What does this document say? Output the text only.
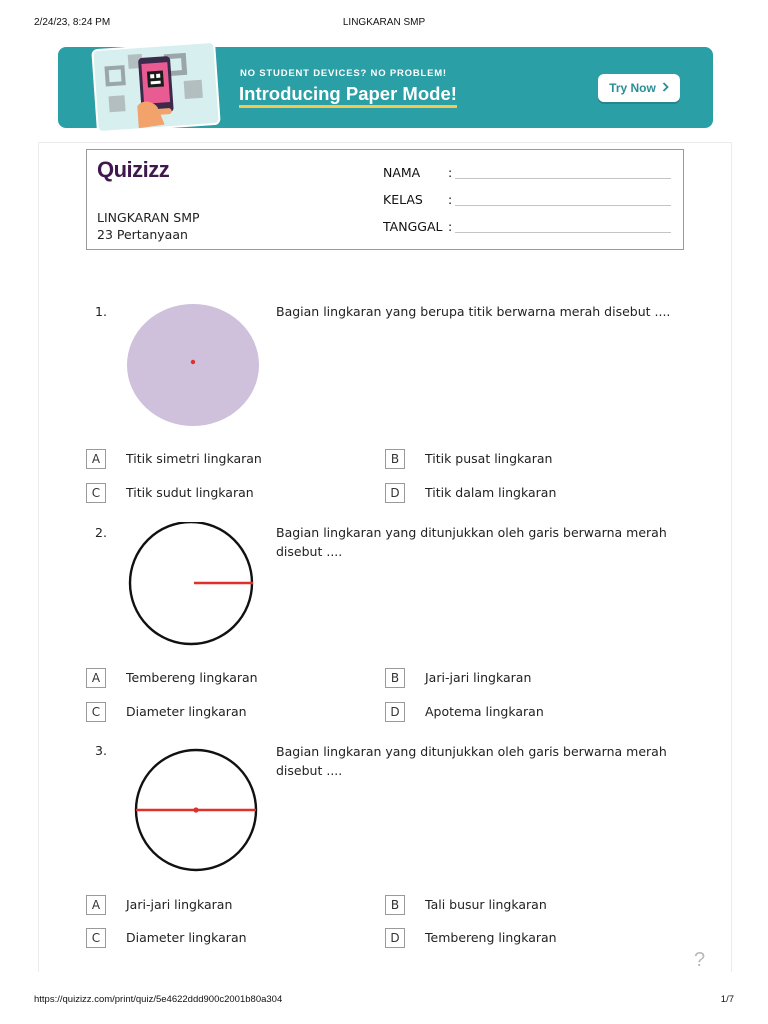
2/24/23, 8:24 PM	LINGKARAN SMP
NO STUDENT DEVICES? NO PROBLEM!
Introducing Paper Mode!	Try Now
Quizizz
LINGKARAN SMP
23 Pertanyaan
NAMA :
KELAS :
TANGGAL :
1.	Bagian lingkaran yang berupa titik berwarna merah disebut ....
A	Titik simetri lingkaran	B	Titik pusat lingkaran
C	Titik sudut lingkaran	D	Titik dalam lingkaran
2.	Bagian lingkaran yang ditunjukkan oleh garis berwarna merah disebut ....
A	Tembereng lingkaran	B	Jari-jari lingkaran
C	Diameter lingkaran	D	Apotema lingkaran
3.	Bagian lingkaran yang ditunjukkan oleh garis berwarna merah disebut ....
A	Jari-jari lingkaran	B	Tali busur lingkaran
C	Diameter lingkaran	D	Tembereng lingkaran
?
https://quizizz.com/print/quiz/5e4622ddd900c2001b80a304	1/7
